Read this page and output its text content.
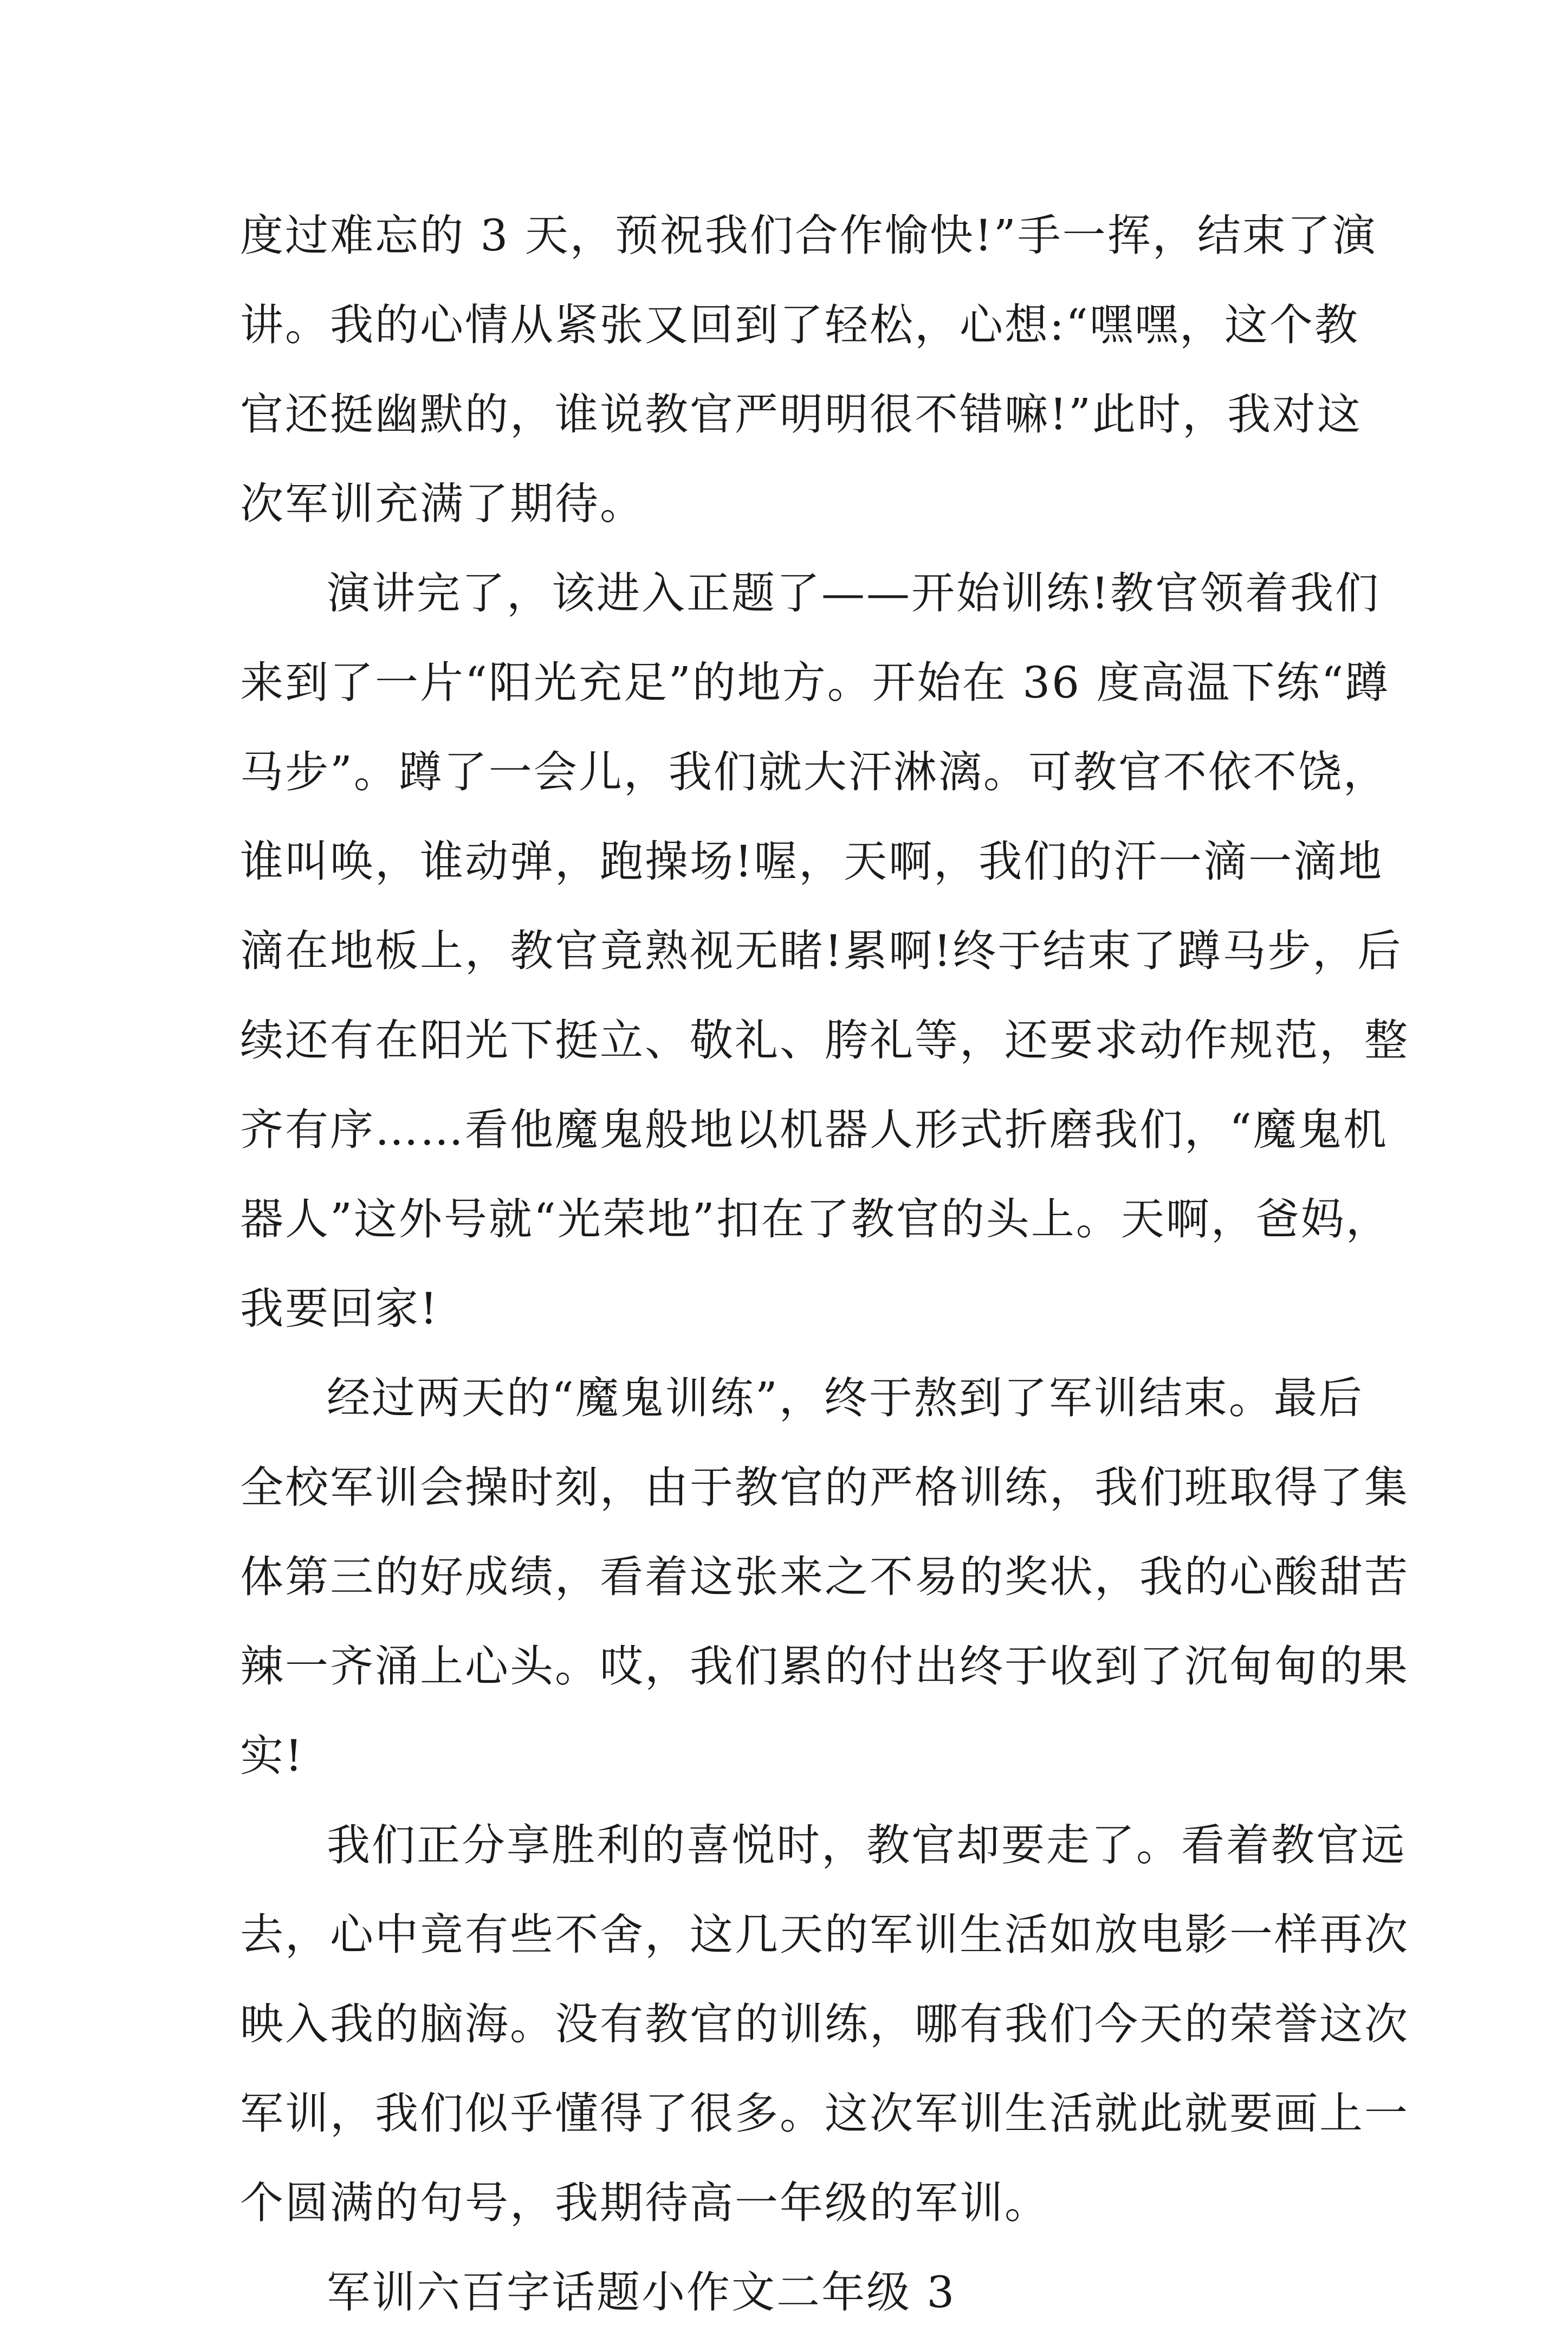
度过难忘的 3 天，预祝我们合作愉快!”手一挥，结束了演
讲。我的心情从紧张又回到了轻松，心想:“嘿嘿，这个教
官还挺幽默的，谁说教官严明明很不错嘛!”此时，我对这
次军训充满了期待。
演讲完了，该进入正题了——开始训练!教官领着我们
来到了一片“阳光充足”的地方。开始在 36 度高温下练“蹲
马步”。蹲了一会儿，我们就大汗淋漓。可教官不依不饶，
谁叫唤，谁动弹，跑操场!喔，天啊，我们的汗一滴一滴地
滴在地板上，教官竟熟视无睹!累啊!终于结束了蹲马步，后
续还有在阳光下挺立、敬礼、胯礼等，还要求动作规范，整
齐有序……看他魔鬼般地以机器人形式折磨我们，“魔鬼机
器人”这外号就“光荣地”扣在了教官的头上。天啊，爸妈，
我要回家!
经过两天的“魔鬼训练”，终于熬到了军训结束。最后
全校军训会操时刻，由于教官的严格训练，我们班取得了集
体第三的好成绩，看着这张来之不易的奖状，我的心酸甜苦
辣一齐涌上心头。哎，我们累的付出终于收到了沉甸甸的果
实!
我们正分享胜利的喜悦时，教官却要走了。看着教官远
去，心中竟有些不舍，这几天的军训生活如放电影一样再次
映入我的脑海。没有教官的训练，哪有我们今天的荣誉这次
军训，我们似乎懂得了很多。这次军训生活就此就要画上一
个圆满的句号，我期待高一年级的军训。
军训六百字话题小作文二年级 3
